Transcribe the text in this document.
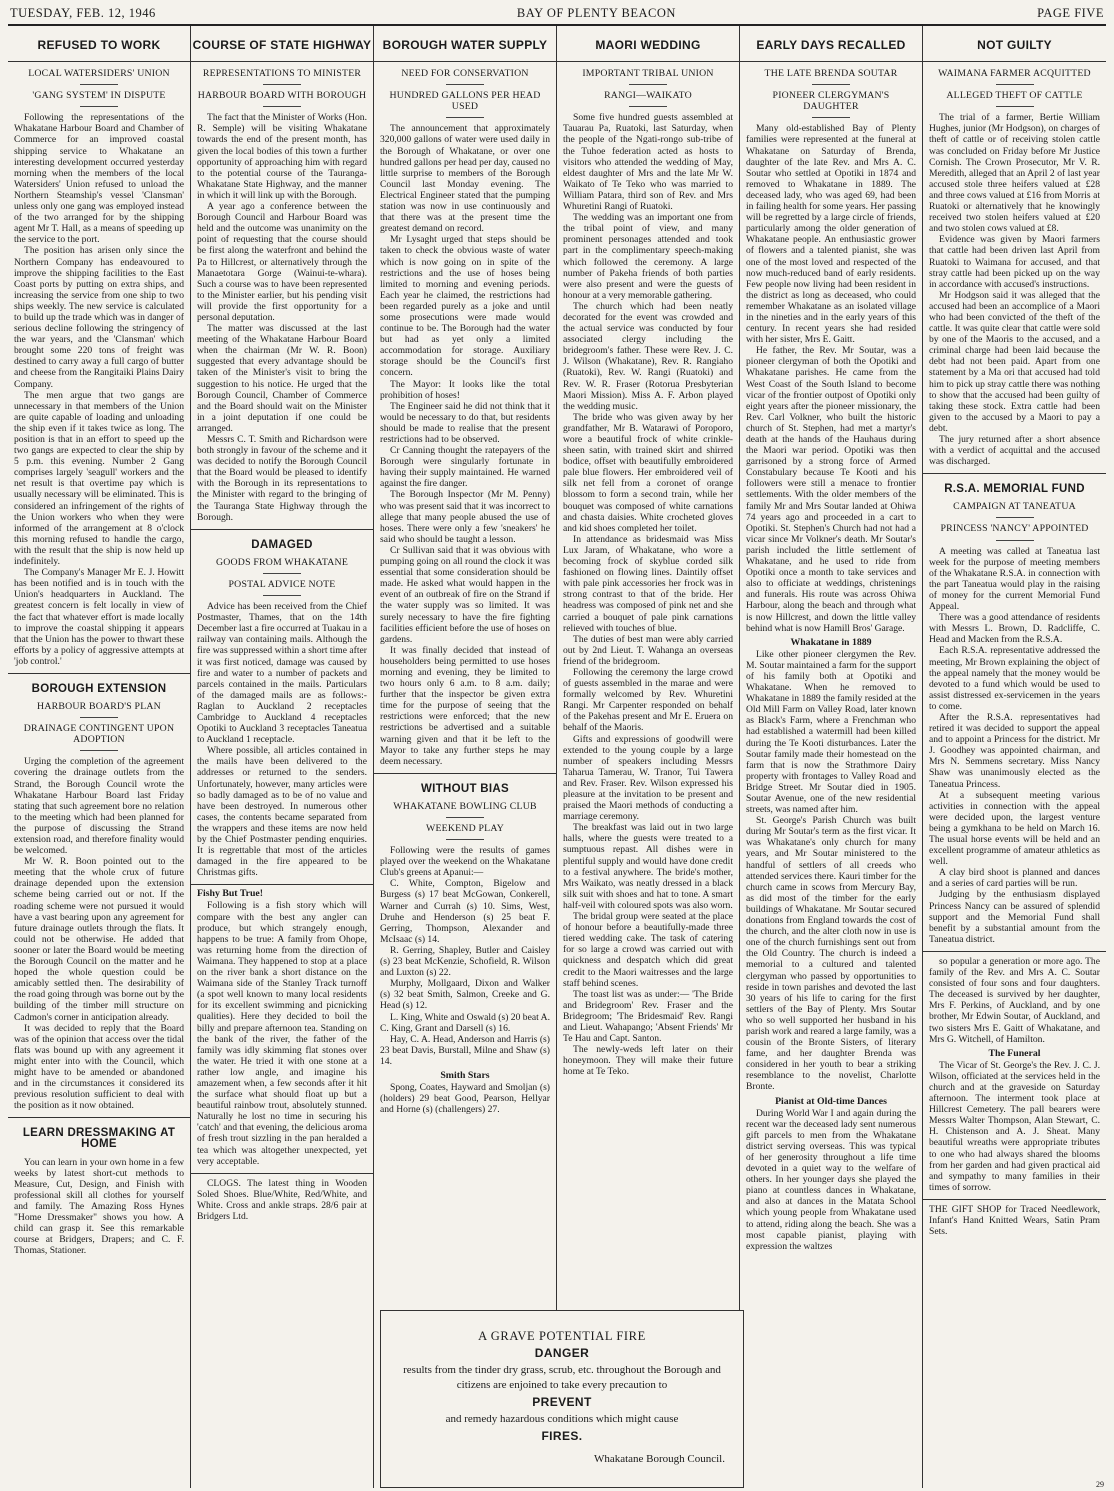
TUESDAY, FEB. 12, 1946	BAY OF PLENTY BEACON	PAGE FIVE
REFUSED TO WORK
LOCAL WATERSIDERS' UNION
'GANG SYSTEM' IN DISPUTE

Following the representations of the Whakatane Harbour Board and Chamber of Commerce for an improved coastal shipping service to Whakatane an interesting development occurred yesterday morning when the members of the local Watersiders' Union refused to unload the Northern Steamship's vessel 'Clansman' unless only one gang was employed instead of the two arranged for by the shipping agent Mr T. Hall, as a means of speeding up the service to the port.

The position has arisen only since the Northern Company has endeavoured to improve the shipping facilities to the East Coast ports by putting on extra ships, and increasing the service from one ship to two ships weekly. The new service is calculated to build up the trade which was in danger of serious decline following the stringency of the war years, and the 'Clansman' which brought some 220 tons of freight was destined to carry away a full cargo of butter and cheese from the Rangitaiki Plains Dairy Company.

The men argue that two gangs are unnecessary in that members of the Union are quite capable of loading and unloading the ship even if it takes twice as long. The position is that in an effort to speed up the two gangs are expected to clear the ship by 5 p.m. this evening. Number 2 Gang comprises largely 'seagull' workers and the net result is that overtime pay which is usually necessary will be eliminated. This is considered an infringement of the rights of the Union workers who when they were informed of the arrangement at 8 o'clock this morning refused to handle the cargo, with the result that the ship is now held up indefinitely.

The Company's Manager Mr E. J. Howitt has been notified and is in touch with the Union's headquarters in Auckland. The greatest concern is felt locally in view of the fact that whatever effort is made locally to improve the coastal shipping it appears that the Union has the power to thwart these efforts by a policy of aggressive attempts at 'job control.'

BOROUGH EXTENSION
HARBOUR BOARD'S PLAN
DRAINAGE CONTINGENT UPON ADOPTION

Urging the completion of the agreement covering the drainage outlets from the Strand, the Borough Council wrote the Whakatane Harbour Board last Friday stating that such agreement bore no relation to the meeting which had been planned for the purpose of discussing the Strand extension road, and therefore finality would be welcomed.

Mr W. R. Boon pointed out to the meeting that the whole crux of future drainage depended upon the extension scheme being carried out or not. If the roading scheme were not pursued it would have a vast bearing upon any agreement for future drainage outlets through the flats. It could not be otherwise. He added that sooner or later the Board would be meeting the Borough Council on the matter and he hoped the whole question could be amicably settled then. The desirability of the road going through was borne out by the building of the timber mill structure on Cadmon's corner in anticipation already.

It was decided to reply that the Board was of the opinion that access over the tidal flats was bound up with any agreement it might enter into with the Council, which might have to be amended or abandoned and in the circumstances it considered its previous resolution sufficient to deal with the position as it now obtained.

LEARN DRESSMAKING AT HOME

You can learn in your own home in a few weeks by latest short-cut methods to Measure, Cut, Design, and Finish with professional skill all clothes for yourself and family. The Amazing Ross Hynes "Home Dressmaker" shows you how. A child can grasp it. See this remarkable course at Bridgers, Drapers; and C. F. Thomas, Stationer.

COURSE OF STATE HIGHWAY
REPRESENTATIONS TO MINISTER
HARBOUR BOARD WITH BOROUGH

The fact that the Minister of Works (Hon. R. Semple) will be visiting Whakatane towards the end of the present month, has given the local bodies of this town a further opportunity of approaching him with regard to the potential course of the Tauranga-Whakatane State Highway, and the manner in which it will link up with the Borough.

A year ago a conference between the Borough Council and Harbour Board was held and the outcome was unanimity on the point of requesting that the course should be first along the waterfront and behind the Pa to Hillcrest, or alternatively through the Manaetotara Gorge (Wainui-te-whara). Such a course was to have been represented to the Minister earlier, but his pending visit will provide the first opportunity for a personal deputation.

The matter was discussed at the last meeting of the Whakatane Harbour Board when the chairman (Mr W. R. Boon) suggested that every advantage should be taken of the Minister's visit to bring the suggestion to his notice. He urged that the Borough Council, Chamber of Commerce and the Board should wait on the Minister in a joint deputation if one could be arranged.

Messrs C. T. Smith and Richardson were both strongly in favour of the scheme and it was decided to notify the Borough Council that the Board would be pleased to identify with the Borough in its representations to the Minister with regard to the bringing of the Tauranga State Highway through the Borough.

DAMAGED
GOODS FROM WHAKATANE
POSTAL ADVICE NOTE

Advice has been received from the Chief Postmaster, Thames, that on the 14th December last a fire occurred at Tuakau in a railway van containing mails. Although the fire was suppressed within a short time after it was first noticed, damage was caused by fire and water to a number of packets and parcels contained in the mails. Particulars of the damaged mails are as follows:- Raglan to Auckland 2 receptacles Cambridge to Auckland 4 receptacles Opotiki to Auckland 3 receptacles Taneatua to Auckland 1 receptacle.

Where possible, all articles contained in the mails have been delivered to the addresses or returned to the senders. Unfortunately, however, many articles were so badly damaged as to be of no value and have been destroyed. In numerous other cases, the contents became separated from the wrappers and these items are now held by the Chief Postmaster pending enquiries. It is regrettable that most of the articles damaged in the fire appeared to be Christmas gifts.

Fishy But True!

Following is a fish story which will compare with the best any angler can produce, but which strangely enough, happens to be true: A family from Ohope, was returning home from the direction of Waimana. They happened to stop at a place on the river bank a short distance on the Waimana side of the Stanley Track turnoff (a spot well known to many local residents for its excellent swimming and picnicking qualities). Here they decided to boil the billy and prepare afternoon tea. Standing on the bank of the river, the father of the family was idly skimming flat stones over the water. He tried it with one stone at a rather low angle, and imagine his amazement when, a few seconds after it hit the surface what should float up but a beautiful rainbow trout, absolutely stunned. Naturally he lost no time in securing his 'catch' and that evening, the delicious aroma of fresh trout sizzling in the pan heralded a tea which was altogether unexpected, yet very acceptable.

CLOGS. The latest thing in Wooden Soled Shoes. Blue/White, Red/White, and White. Cross and ankle straps. 28/6 pair at Bridgers Ltd.

BOROUGH WATER SUPPLY
NEED FOR CONSERVATION
HUNDRED GALLONS PER HEAD USED

The announcement that approximately 320,000 gallons of water were used daily in the Borough of Whakatane, or over one hundred gallons per head per day, caused no little surprise to members of the Borough Council last Monday evening. The Electrical Engineer stated that the pumping station was now in use continuously and that there was at the present time the greatest demand on record.

Mr Lysaght urged that steps should be taken to check the obvious waste of water which is now going on in spite of the restrictions and the use of hoses being limited to morning and evening periods. Each year he claimed, the restrictions had been regarded purely as a joke and until some prosecutions were made would continue to be. The Borough had the water but had as yet only a limited accommodation for storage. Auxiliary storage should be the Council's first concern.

The Mayor: It looks like the total prohibition of hoses!

The Engineer said he did not think that it would be necessary to do that, but residents should be made to realise that the present restrictions had to be observed.

Cr Canning thought the ratepayers of the Borough were singularly fortunate in having their supply maintained. He warned against the fire danger.

The Borough Inspector (Mr M. Penny) who was present said that it was incorrect to allege that many people abused the use of hoses. There were only a few 'sneakers' he said who should be taught a lesson.

Cr Sullivan said that it was obvious with pumping going on all round the clock it was essential that some consideration should be made. He asked what would happen in the event of an outbreak of fire on the Strand if the water supply was so limited. It was surely necessary to have the fire fighting facilities efficient before the use of hoses on gardens.

It was finally decided that instead of householders being permitted to use hoses morning and evening, they be limited to two hours only 6 a.m. to 8 a.m. daily; further that the inspector be given extra time for the purpose of seeing that the restrictions were enforced; that the new restrictions be advertised and a suitable warning given and that it be left to the Mayor to take any further steps he may deem necessary.

WITHOUT BIAS
WHAKATANE BOWLING CLUB
WEEKEND PLAY

Following were the results of games played over the weekend on the Whakatane Club's greens at Apanui:—

C. White, Compton, Bigelow and Burgess (s) 17 beat McGowan, Conkerell, Warner and Currah (s) 10. Sims, West, Druhe and Henderson (s) 25 beat F. Gerring, Thompson, Alexander and McIsaac (s) 14.

R. Gerring, Shapley, Butler and Caisley (s) 23 beat McKenzie, Schofield, R. Wilson and Luxton (s) 22.

Murphy, Mollgaard, Dixon and Walker (s) 32 beat Smith, Salmon, Creeke and G. Head (s) 12.

L. King, White and Oswald (s) 20 beat A. C. King, Grant and Darsell (s) 16.

Hay, C. A. Head, Anderson and Harris (s) 23 beat Davis, Burstall, Milne and Shaw (s) 14.

Smith Stars

Spong, Coates, Hayward and Smoljan (s) (holders) 29 beat Good, Pearson, Hellyar and Horne (s) (challengers) 27.

MAORI WEDDING
IMPORTANT TRIBAL UNION
RANGI—WAIKATO

Some five hundred guests assembled at Tauarau Pa, Ruatoki, last Saturday, when the people of the Ngati-rongo sub-tribe of the Tuhoe federation acted as hosts to visitors who attended the wedding of May, eldest daughter of Mrs and the late Mr W. Waikato of Te Teko who was married to William Patara, third son of Rev. and Mrs Whuretini Rangi of Ruatoki.

The wedding was an important one from the tribal point of view, and many prominent personages attended and took part in the complimentary speech-making which followed the ceremony. A large number of Pakeha friends of both parties were also present and were the guests of honour at a very memorable gathering.

The church which had been neatly decorated for the event was crowded and the actual service was conducted by four associated clergy including the bridegroom's father. These were Rev. J. C. J. Wilson (Whakatane), Rev. R. Rangiaho (Ruatoki), Rev. W. Rangi (Ruatoki) and Rev. W. R. Fraser (Rotorua Presbyterian Maori Mission). Miss A. F. Arbon played the wedding music.

The bride who was given away by her grandfather, Mr B. Watarawi of Poroporo, wore a beautiful frock of white crinkle-sheen satin, with trained skirt and shirred bodice, offset with beautifully embroidered pale blue flowers. Her embroidered veil of silk net fell from a coronet of orange blossom to form a second train, while her bouquet was composed of white carnations and chasta daisies. White crocheted gloves and kid shoes completed her toilet.

In attendance as bridesmaid was Miss Lux Jaram, of Whakatane, who wore a becoming frock of skyblue corded silk fashioned on flowing lines. Daintily offset with pale pink accessories her frock was in strong contrast to that of the bride. Her headress was composed of pink net and she carried a bouquet of pale pink carnations relieved with touches of blue.

The duties of best man were ably carried out by 2nd Lieut. T. Wahanga an overseas friend of the bridegroom.

Following the ceremony the large crowd of guests assembled in the marae and were formally welcomed by Rev. Whuretini Rangi. Mr Carpenter responded on behalf of the Pakehas present and Mr E. Eruera on behalf of the Maoris.

Gifts and expressions of goodwill were extended to the young couple by a large number of speakers including Messrs Taharua Tamerau, W. Tranor, Tui Tawera and Rev. Fraser. Rev. Wilson expressed his pleasure at the invitation to be present and praised the Maori methods of conducting a marriage ceremony.

The breakfast was laid out in two large halls, where the guests were treated to a sumptuous repast. All dishes were in plentiful supply and would have done credit to a festival anywhere. The bride's mother, Mrs Waikato, was neatly dressed in a black silk suit with shoes and hat to tone. A smart half-veil with coloured spots was also worn.

The bridal group were seated at the place of honour before a beautifully-made three tiered wedding cake. The task of catering for so large a crowd was carried out with quickness and despatch which did great credit to the Maori waitresses and the large staff behind scenes.

The toast list was as under:— 'The Bride and Bridegroom' Rev. Fraser and the Bridegroom; 'The Bridesmaid' Rev. Rangi and Lieut. Wahapango; 'Absent Friends' Mr Te Hau and Capt. Santon.

The newly-weds left later on their honeymoon. They will make their future home at Te Teko.

EARLY DAYS RECALLED
THE LATE BRENDA SOUTAR
PIONEER CLERGYMAN'S DAUGHTER

Many old-established Bay of Plenty families were represented at the funeral at Whakatane on Saturday of Brenda, daughter of the late Rev. and Mrs A. C. Soutar who settled at Opotiki in 1874 and removed to Whakatane in 1889. The deceased lady, who was aged 69, had been in failing health for some years. Her passing will be regretted by a large circle of friends, particularly among the older generation of Whakatane people. An enthusiastic grower of flowers and a talented pianist, she was one of the most loved and respected of the now much-reduced band of early residents. Few people now living had been resident in the district as long as deceased, who could remember Whakatane as an isolated village in the nineties and in the early years of this century. In recent years she had resided with her sister, Mrs E. Gaitt.

He father, the Rev. Mr Soutar, was a pioneer clergyman of both the Opotiki and Whakatane parishes. He came from the West Coast of the South Island to become vicar of the frontier outpost of Opotiki only eight years after the pioneer missionary, the Rev. Carl Volkner, who built the historic church of St. Stephen, had met a martyr's death at the hands of the Hauhaus during the Maori war period. Opotiki was then garrisoned by a strong force of Armed Constabulary because Te Kooti and his followers were still a menace to frontier settlements. With the older members of the family Mr and Mrs Soutar landed at Ohiwa 74 years ago and proceeded in a cart to Opotiki. St. Stephen's Church had not had a vicar since Mr Volkner's death. Mr Soutar's parish included the little settlement of Whakatane, and he used to ride from Opotiki once a month to take services and also to officiate at weddings, christenings and funerals. His route was across Ohiwa Harbour, along the beach and through what is now Hillcrest, and down the little valley behind what is now Hamill Bros' Garage.

Whakatane in 1889

Like other pioneer clergymen the Rev. M. Soutar maintained a farm for the support of his family both at Opotiki and Whakatane. When he removed to Whakatane in 1889 the family resided at the Old Mill Farm on Valley Road, later known as Black's Farm, where a Frenchman who had established a watermill had been killed during the Te Kooti disturbances. Later the Soutar family made their homestead on the farm that is now the Strathmore Dairy property with frontages to Valley Road and Bridge Street. Mr Soutar died in 1905. Soutar Avenue, one of the new residential streets, was named after him.

St. George's Parish Church was built during Mr Soutar's term as the first vicar. It was Whakatane's only church for many years, and Mr Soutar ministered to the handful of settlers of all creeds who attended services there. Kauri timber for the church came in scows from Mercury Bay, as did most of the timber for the early buildings of Whakatane. Mr Soutar secured donations from England towards the cost of the church, and the alter cloth now in use is one of the church furnishings sent out from the Old Country. The church is indeed a memorial to a cultured and talented clergyman who passed by opportunities to reside in town parishes and devoted the last 30 years of his life to caring for the first settlers of the Bay of Plenty. Mrs Soutar who so well supported her husband in his parish work and reared a large family, was a cousin of the Bronte Sisters, of literary fame, and her daughter Brenda was considered in her youth to bear a striking resemblance to the novelist, Charlotte Bronte.

Pianist at Old-time Dances

During World War I and again during the recent war the deceased lady sent numerous gift parcels to men from the Whakatane district serving overseas. This was typical of her generosity throughout a life time devoted in a quiet way to the welfare of others. In her younger days she played the piano at countless dances in Whakatane, and also at dances in the Matata School which young people from Whakatane used to attend, riding along the beach. She was a most capable pianist, playing with expression the waltzes

NOT GUILTY
WAIMANA FARMER ACQUITTED
ALLEGED THEFT OF CATTLE

The trial of a farmer, Bertie William Hughes, junior (Mr Hodgson), on charges of theft of cattle or of receiving stolen cattle was concluded on Friday before Mr Justice Cornish. The Crown Prosecutor, Mr V. R. Meredith, alleged that an April 2 of last year accused stole three heifers valued at £28 and three cows valued at £16 from Morris at Ruatoki or alternatively that he knowingly received two stolen heifers valued at £20 and two stolen cows valued at £8.

Evidence was given by Maori farmers that cattle had been driven last April from Ruatoki to Waimana for accused, and that stray cattle had been picked up on the way in accordance with accused's instructions.

Mr Hodgson said it was alleged that the accused had been an accomplice of a Maori who had been convicted of the theft of the cattle. It was quite clear that cattle were sold by one of the Maoris to the accused, and a criminal charge had been laid because the debt had not been paid. Apart from one statement by a Ma ori that accused had told him to pick up stray cattle there was nothing to show that the accused had been guilty of taking these stock. Extra cattle had been given to the accused by a Maori to pay a debt.

The jury returned after a short absence with a verdict of acquittal and the accused was discharged.

R.S.A. MEMORIAL FUND
CAMPAIGN AT TANEATUA
PRINCESS 'NANCY' APPOINTED

A meeting was called at Taneatua last week for the purpose of meeting members of the Whakatane R.S.A. in connection with the part Taneatua would play in the raising of money for the current Memorial Fund Appeal.

There was a good attendance of residents with Messrs L. Brown, D. Radcliffe, C. Head and Macken from the R.S.A.

Each R.S.A. representative addressed the meeting, Mr Brown explaining the object of the appeal namely that the money would be devoted to a fund which would be used to assist distressed ex-servicemen in the years to come.

After the R.S.A. representatives had retired it was decided to support the appeal and to appoint a Princess for the district. Mr J. Goodhey was appointed chairman, and Mrs N. Semmens secretary. Miss Nancy Shaw was unanimously elected as the Taneatua Princess.

At a subsequent meeting various activities in connection with the appeal were decided upon, the largest venture being a gymkhana to be held on March 16. The usual horse events will be held and an excellent programme of amateur athletics as well.

A clay bird shoot is planned and dances and a series of card parties will be run.

Judging by the enthusiasm displayed Princess Nancy can be assured of splendid support and the Memorial Fund shall benefit by a substantial amount from the Taneatua district.

so popular a generation or more ago. The family of the Rev. and Mrs A. C. Soutar consisted of four sons and four daughters. The deceased is survived by her daughter, Mrs F. Perkins, of Auckland, and by one brother, Mr Edwin Soutar, of Auckland, and two sisters Mrs E. Gaitt of Whakatane, and Mrs G. Witchell, of Hamilton.

The Funeral

The Vicar of St. George's the Rev. J. C. J. Wilson, officiated at the services held in the church and at the graveside on Saturday afternoon. The interment took place at Hillcrest Cemetery. The pall bearers were Messrs Walter Thompson, Alan Stewart, C. H. Chistenson and A. J. Sheat. Many beautiful wreaths were appropriate tributes to one who had always shared the blooms from her garden and had given practical aid and sympathy to many families in their times of sorrow.

THE GIFT SHOP for Traced Needlework, Infant's Hand Knitted Wears, Satin Pram Sets.

A GRAVE POTENTIAL FIRE
DANGER
results from the tinder dry grass, scrub, etc. throughout the Borough and citizens are enjoined to take every precaution to
PREVENT
and remedy hazardous conditions which might cause
FIRES.
Whakatane Borough Council.
29
